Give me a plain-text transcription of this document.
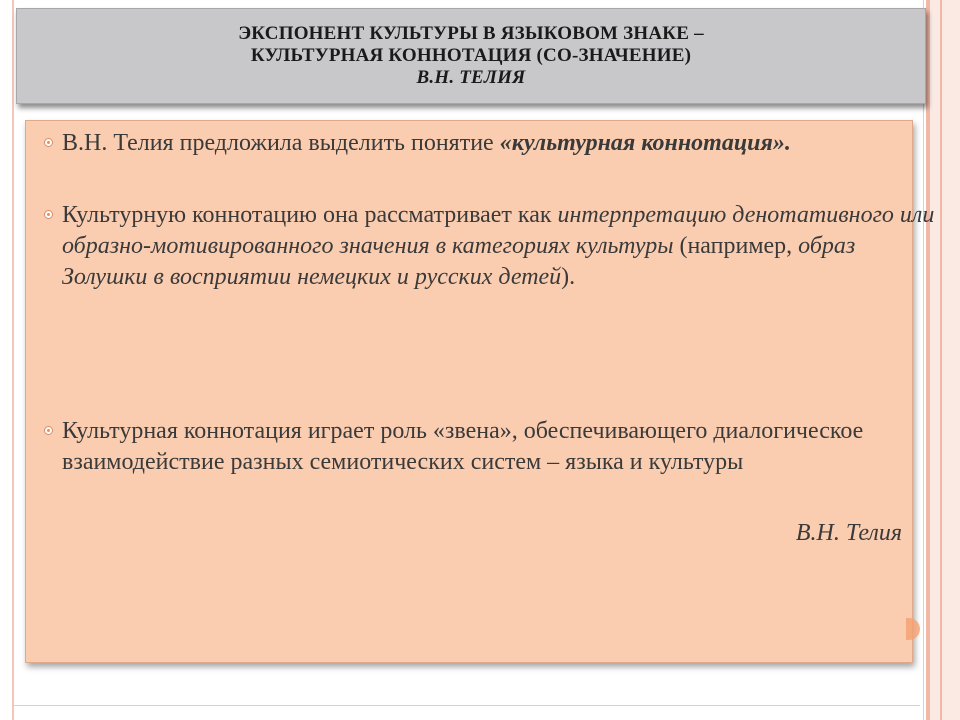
ЭКСПОНЕНТ КУЛЬТУРЫ В ЯЗЫКОВОМ ЗНАКЕ –
КУЛЬТУРНАЯ КОННОТАЦИЯ (СО-ЗНАЧЕНИЕ)
В.Н. ТЕЛИЯ
В.Н. Телия предложила выделить понятие «культурная коннотация».
Культурную коннотацию она рассматривает как интерпретацию денотативного или образно-мотивированного значения в категориях культуры (например, образ Золушки в восприятии немецких и русских детей).
Культурная коннотация играет роль «звена», обеспечивающего диалогическое взаимодействие разных семиотических систем – языка и культуры
В.Н. Телия
